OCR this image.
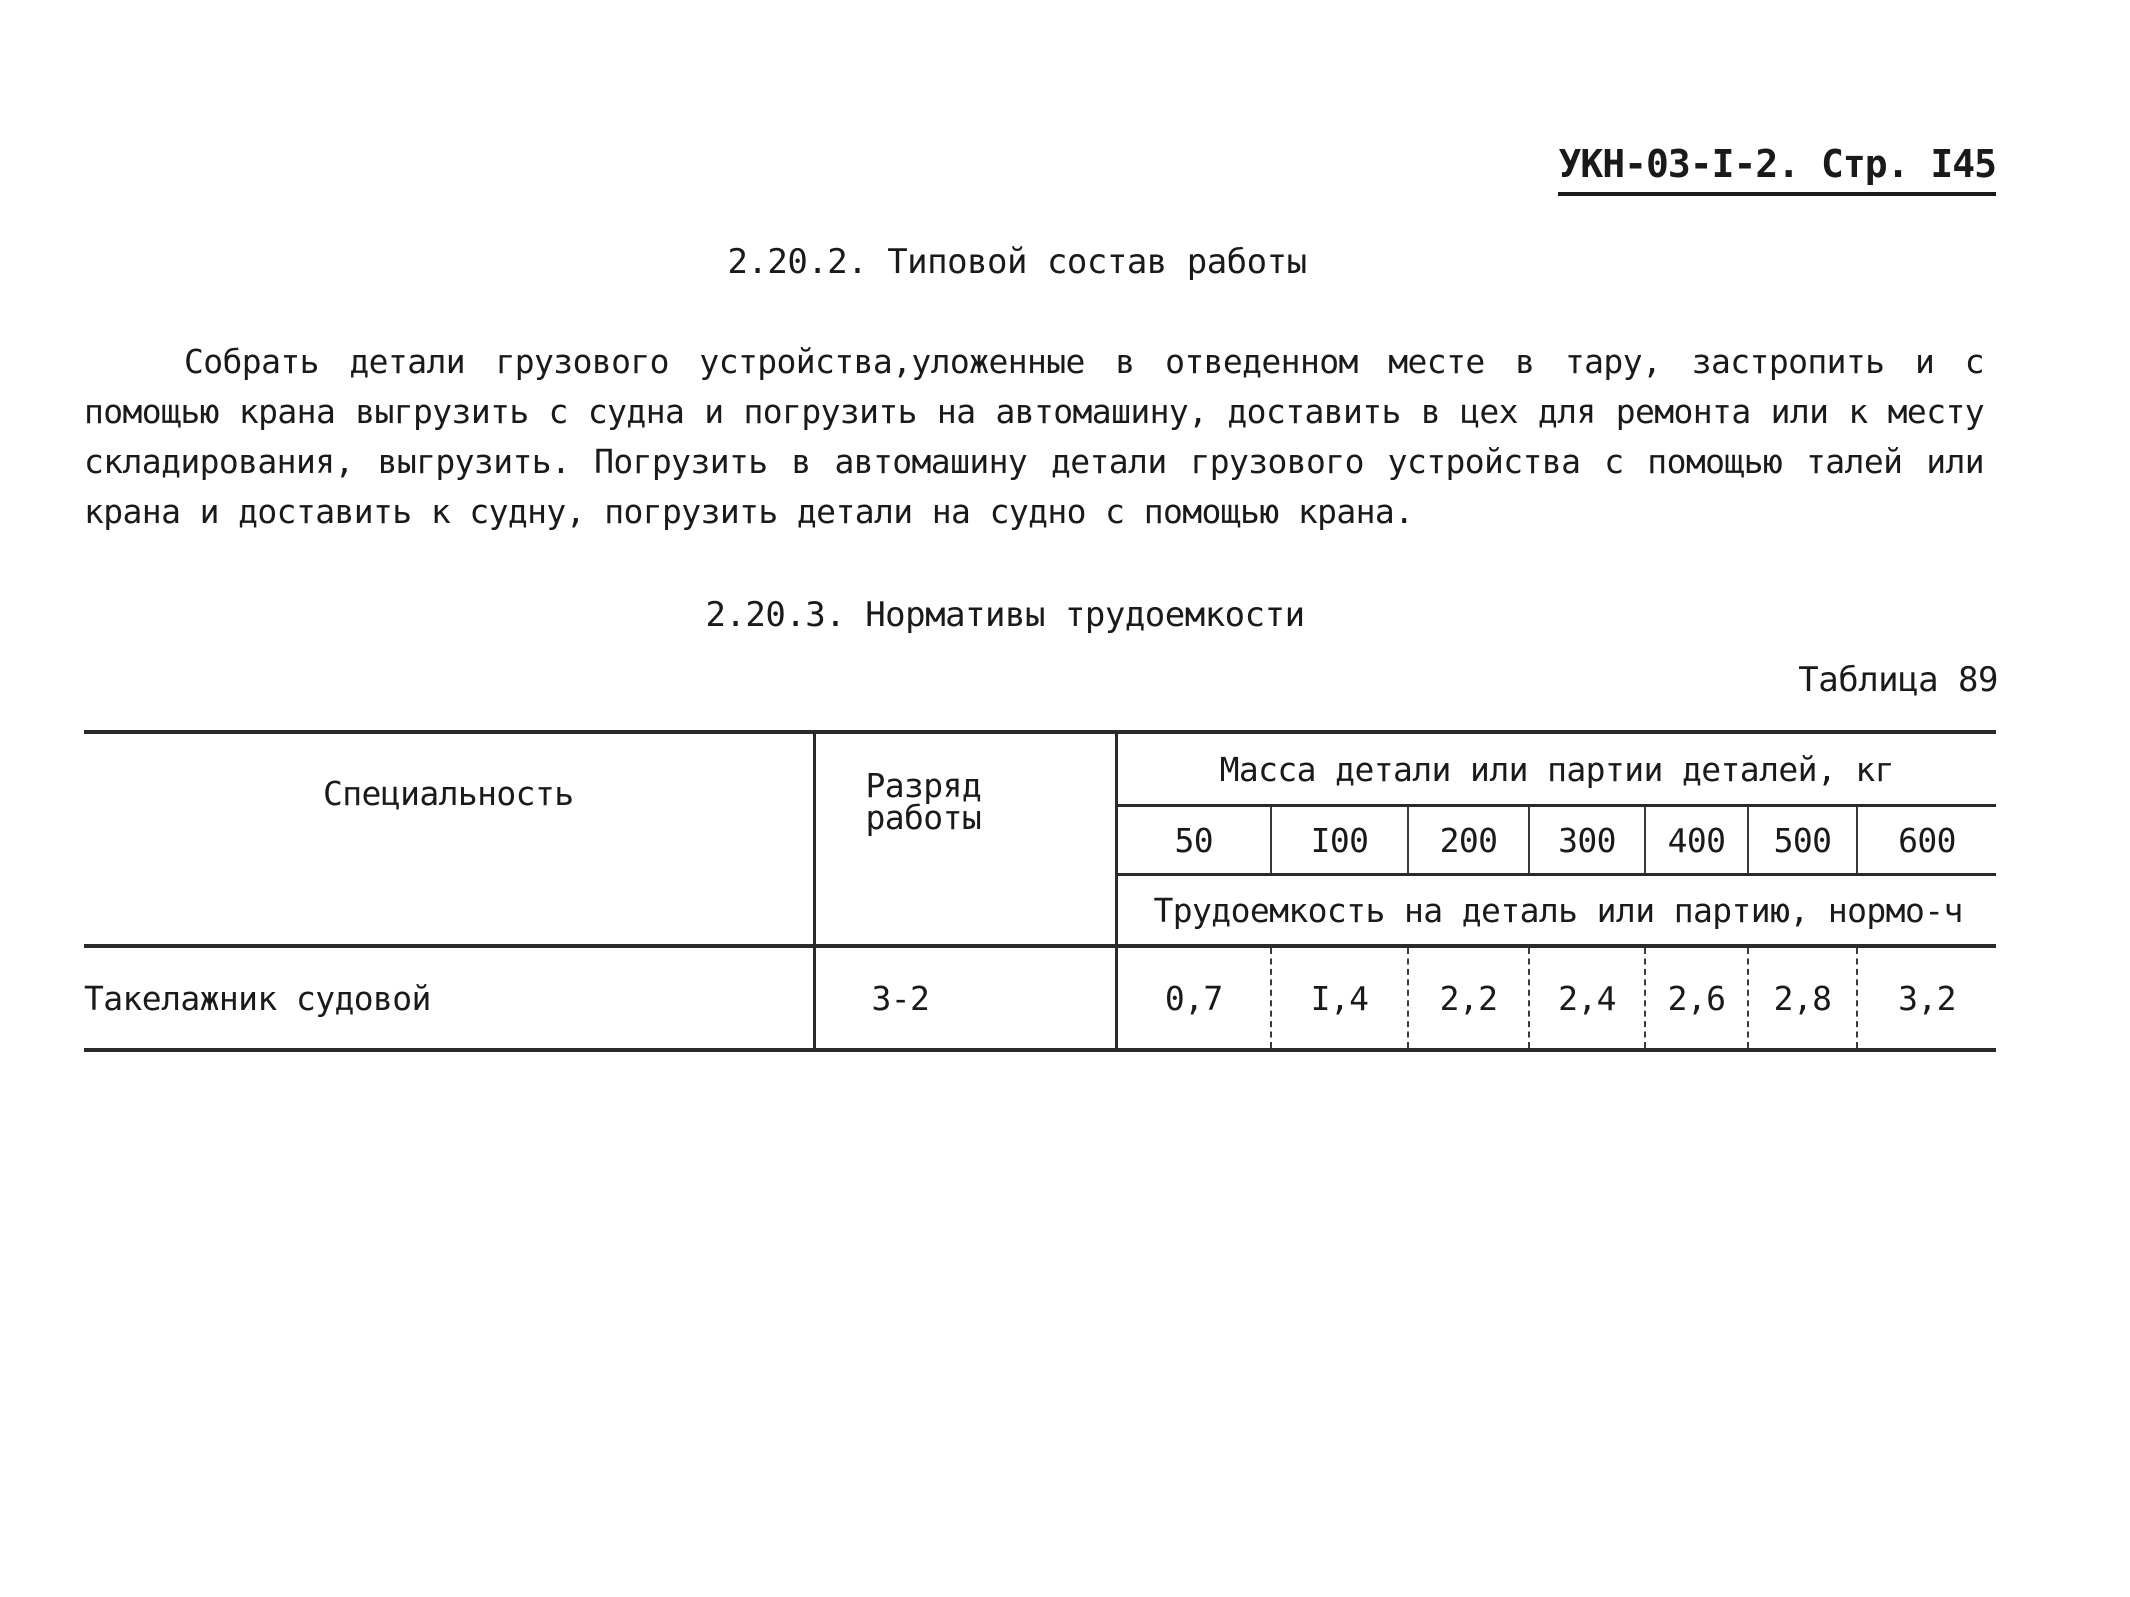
УКН-03-I-2. Стр. I45
2.20.2. Типовой состав работы
Собрать детали грузового устройства,уложенные в отведенном месте в тару, застропить и с помощью крана выгрузить с судна и погрузить на автомашину, доставить в цех для ремонта или к месту складирования, выгрузить. Погрузить в автомашину детали грузового устройства с помощью талей или крана и доставить к судну, погрузить детали на судно с помощью крана.
2.20.3. Нормативы трудоемкости
Таблица 89
Специальность	Разряд работы	Масса детали или партии деталей, кг						
		50	I00	200	300	400	500	600
		Трудоемкость на деталь или партию, нормо-ч						
Такелажник судовой	3-2	0,7	I,4	2,2	2,4	2,6	2,8	3,2
